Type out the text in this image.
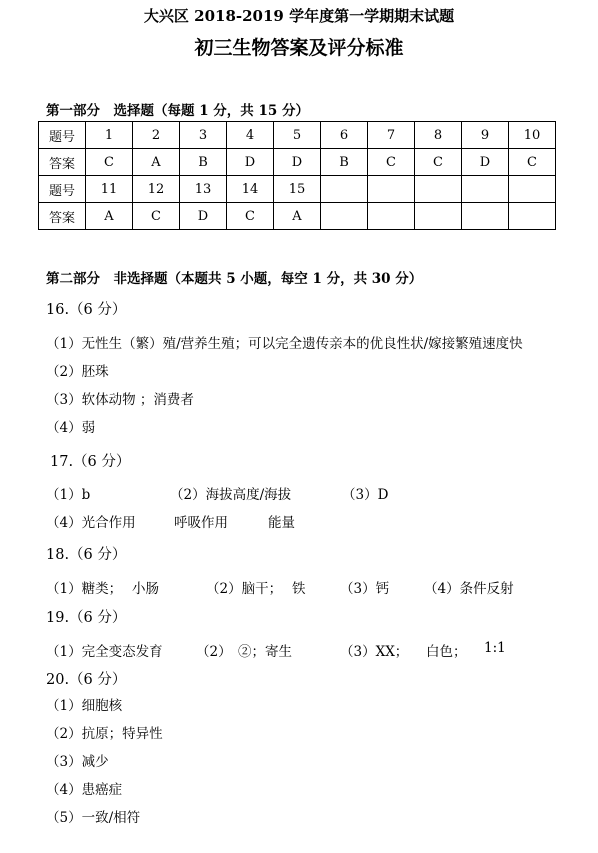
大兴区 2018-2019 学年度第一学期期末试题
初三生物答案及评分标准
第一部分　选择题（每题 1 分，共 15 分）
题号	1	2	3	4	5	6	7	8	9	10
答案	C	A	B	D	D	B	C	C	D	C
题号	11	12	13	14	15					
答案	A	C	D	C	A					
第二部分　非选择题（本题共 5 小题，每空 1 分，共 30 分）
16.（6 分）
（1）无性生（繁）殖/营养生殖；可以完全遗传亲本的优良性状/嫁接繁殖速度快
（2）胚珠
（3）软体动物 ；消费者
（4）弱
17.（6 分）
（1）b	（2）海拔高度/海拔	（3）D
（4）光合作用	呼吸作用	能量
18.（6 分）
（1）糖类； 小肠	（2）脑干； 铁	（3）钙	（4）条件反射
19.（6 分）
（1）完全变态发育 （2） ②；寄生	（3）XX； 白色； 1:1
20.（6 分）
（1）细胞核
（2）抗原；特异性
（3）减少
（4）患癌症
（5）一致/相符
